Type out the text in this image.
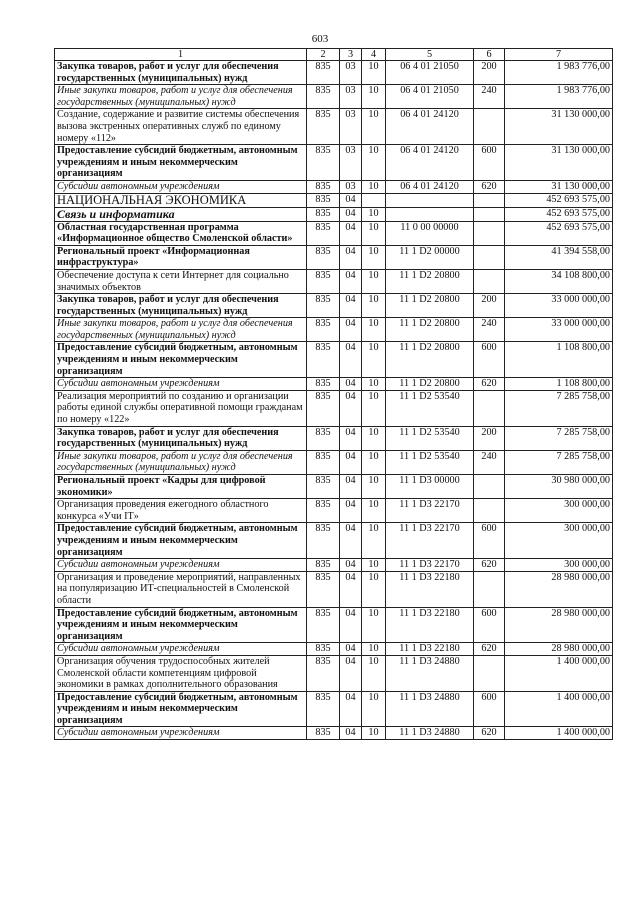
603
1	2	3	4	5	6	7
Закупка товаров, работ и услуг для обеспечения государственных (муниципальных) нужд	835	03	10	06 4 01 21050	200	1 983 776,00
Иные закупки товаров, работ и услуг для обеспечения государственных (муниципальных) нужд	835	03	10	06 4 01 21050	240	1 983 776,00
Создание, содержание и развитие системы обеспечения вызова экстренных оперативных служб по единому номеру «112»	835	03	10	06 4 01 24120		31 130 000,00
Предоставление субсидий бюджетным, автономным учреждениям и иным некоммерческим организациям	835	03	10	06 4 01 24120	600	31 130 000,00
Субсидии автономным учреждениям	835	03	10	06 4 01 24120	620	31 130 000,00
НАЦИОНАЛЬНАЯ ЭКОНОМИКА	835	04				452 693 575,00
Связь и информатика	835	04	10			452 693 575,00
Областная государственная программа «Информационное общество Смоленской области»	835	04	10	11 0 00 00000		452 693 575,00
Региональный проект «Информационная инфраструктура»	835	04	10	11 1 D2 00000		41 394 558,00
Обеспечение доступа к сети Интернет для социально значимых объектов	835	04	10	11 1 D2 20800		34 108 800,00
Закупка товаров, работ и услуг для обеспечения государственных (муниципальных) нужд	835	04	10	11 1 D2 20800	200	33 000 000,00
Иные закупки товаров, работ и услуг для обеспечения государственных (муниципальных) нужд	835	04	10	11 1 D2 20800	240	33 000 000,00
Предоставление субсидий бюджетным, автономным учреждениям и иным некоммерческим организациям	835	04	10	11 1 D2 20800	600	1 108 800,00
Субсидии автономным учреждениям	835	04	10	11 1 D2 20800	620	1 108 800,00
Реализация мероприятий по созданию и организации работы единой службы оперативной помощи гражданам по номеру «122»	835	04	10	11 1 D2 53540		7 285 758,00
Закупка товаров, работ и услуг для обеспечения государственных (муниципальных) нужд	835	04	10	11 1 D2 53540	200	7 285 758,00
Иные закупки товаров, работ и услуг для обеспечения государственных (муниципальных) нужд	835	04	10	11 1 D2 53540	240	7 285 758,00
Региональный проект «Кадры для цифровой экономики»	835	04	10	11 1 D3 00000		30 980 000,00
Организация проведения ежегодного областного конкурса «Учи IT»	835	04	10	11 1 D3 22170		300 000,00
Предоставление субсидий бюджетным, автономным учреждениям и иным некоммерческим организациям	835	04	10	11 1 D3 22170	600	300 000,00
Субсидии автономным учреждениям	835	04	10	11 1 D3 22170	620	300 000,00
Организация и проведение мероприятий, направленных на популяризацию ИТ-специальностей в Смоленской области	835	04	10	11 1 D3 22180		28 980 000,00
Предоставление субсидий бюджетным, автономным учреждениям и иным некоммерческим организациям	835	04	10	11 1 D3 22180	600	28 980 000,00
Субсидии автономным учреждениям	835	04	10	11 1 D3 22180	620	28 980 000,00
Организация обучения трудоспособных жителей Смоленской области компетенциям цифровой экономики в рамках дополнительного образования	835	04	10	11 1 D3 24880		1 400 000,00
Предоставление субсидий бюджетным, автономным учреждениям и иным некоммерческим организациям	835	04	10	11 1 D3 24880	600	1 400 000,00
Субсидии автономным учреждениям	835	04	10	11 1 D3 24880	620	1 400 000,00
